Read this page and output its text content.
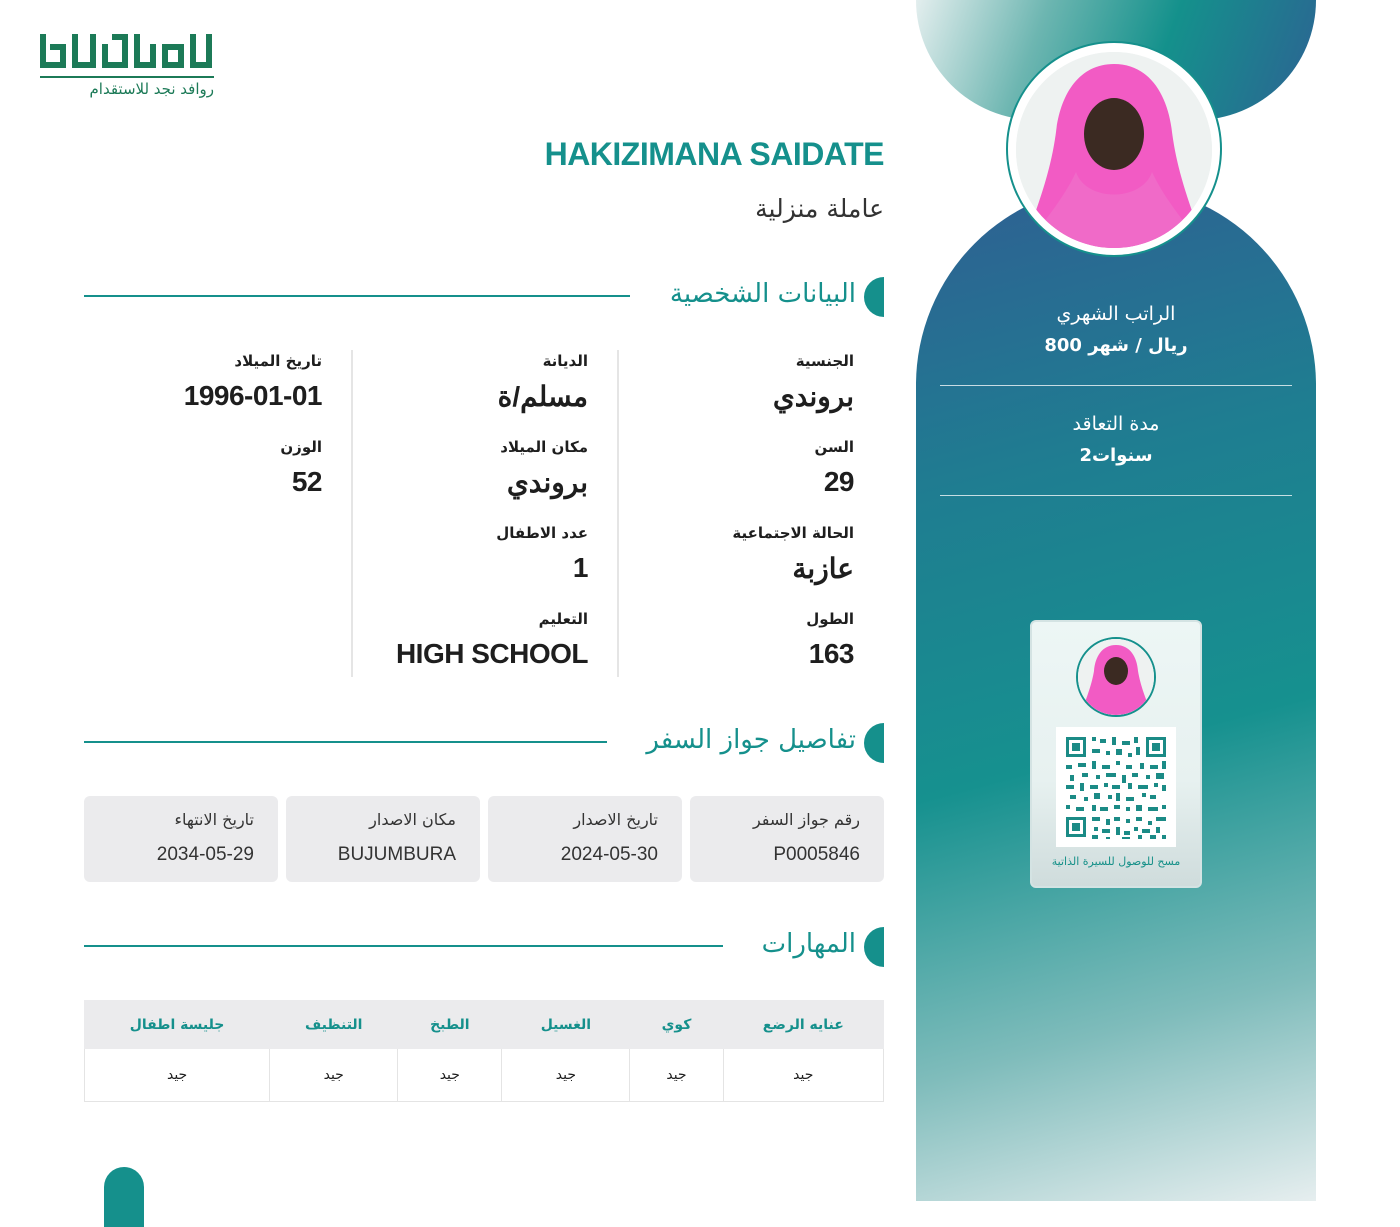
الراتب الشهري
800 ريال / شهر
مدة التعاقد
2سنوات
مسح للوصول للسيرة الذاتية
روافد نجد للاستقدام
HAKIZIMANA SAIDATE
عاملة منزلية
البيانات الشخصية
الجنسية
بروندي
السن
29
الحالة الاجتماعية
عازبة
الطول
163
الديانة
مسلم/ة
مكان الميلاد
بروندي
عدد الاطفال
1
التعليم
HIGH SCHOOL
تاريخ الميلاد
1996-01-01
الوزن
52
تفاصيل جواز السفر
رقم جواز السفر
P0005846
تاريخ الاصدار
2024-05-30
مكان الاصدار
BUJUMBURA
تاريخ الانتهاء
2034-05-29
المهارات
عنايه الرضع	كوي	الغسيل	الطبخ	التنظيف	جليسة اطفال
جيد	جيد	جيد	جيد	جيد	جيد
